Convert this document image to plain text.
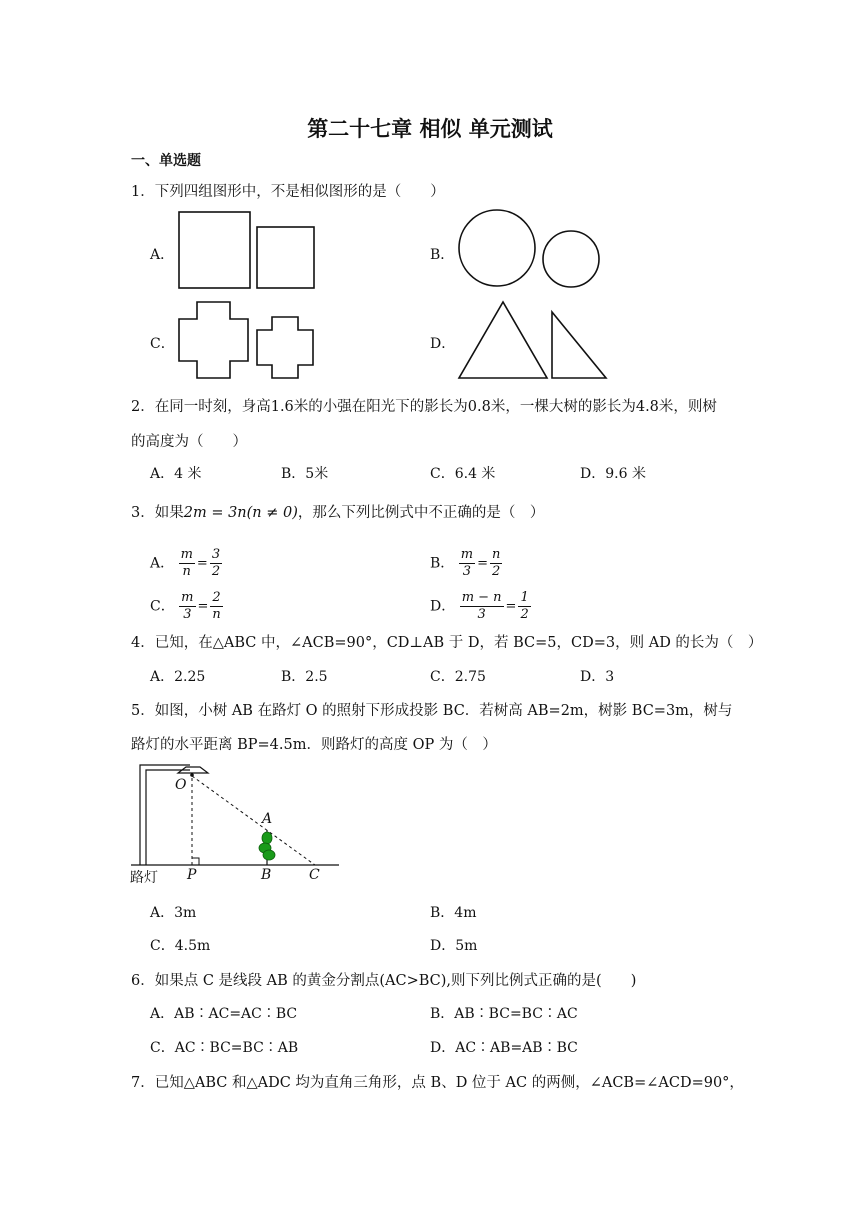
第二十七章 相似 单元测试
一、单选题
1．下列四组图形中，不是相似图形的是（　　）
A．	B．
C．	D．
2．在同一时刻，身高1.6米的小强在阳光下的影长为0.8米，一棵大树的影长为4.8米，则树
的高度为（　　）
A．4 米	B．5米	C．6.4 米	D．9.6 米
3．如果2m = 3n(n ≠ 0)，那么下列比例式中不正确的是（　）
A． $\frac{m}{n} = \frac{3}{2}$	B． $\frac{m}{3} = \frac{n}{2}$
C． $\frac{m}{3} = \frac{2}{n}$	D． $\frac{m - n}{3} = \frac{1}{2}$
4．已知，在△ABC 中，∠ACB=90°，CD⊥AB 于 D，若 BC=5，CD=3，则 AD 的长为（　）
A．2.25	B．2.5	C．2.75	D．3
5．如图，小树 AB 在路灯 O 的照射下形成投影 BC．若树高 AB=2m，树影 BC=3m，树与
路灯的水平距离 BP=4.5m．则路灯的高度 OP 为（　）
O
A
P	B	C
路灯
A．3m	B．4m
C．4.5m	D．5m
6．如果点 C 是线段 AB 的黄金分割点(AC>BC),则下列比例式正确的是(　　)
A．AB∶AC=AC∶BC	B．AB∶BC=BC∶AC
C．AC∶BC=BC∶AB	D．AC∶AB=AB∶BC
7．已知△ABC 和△ADC 均为直角三角形，点 B、D 位于 AC 的两侧，∠ACB=∠ACD=90°，
